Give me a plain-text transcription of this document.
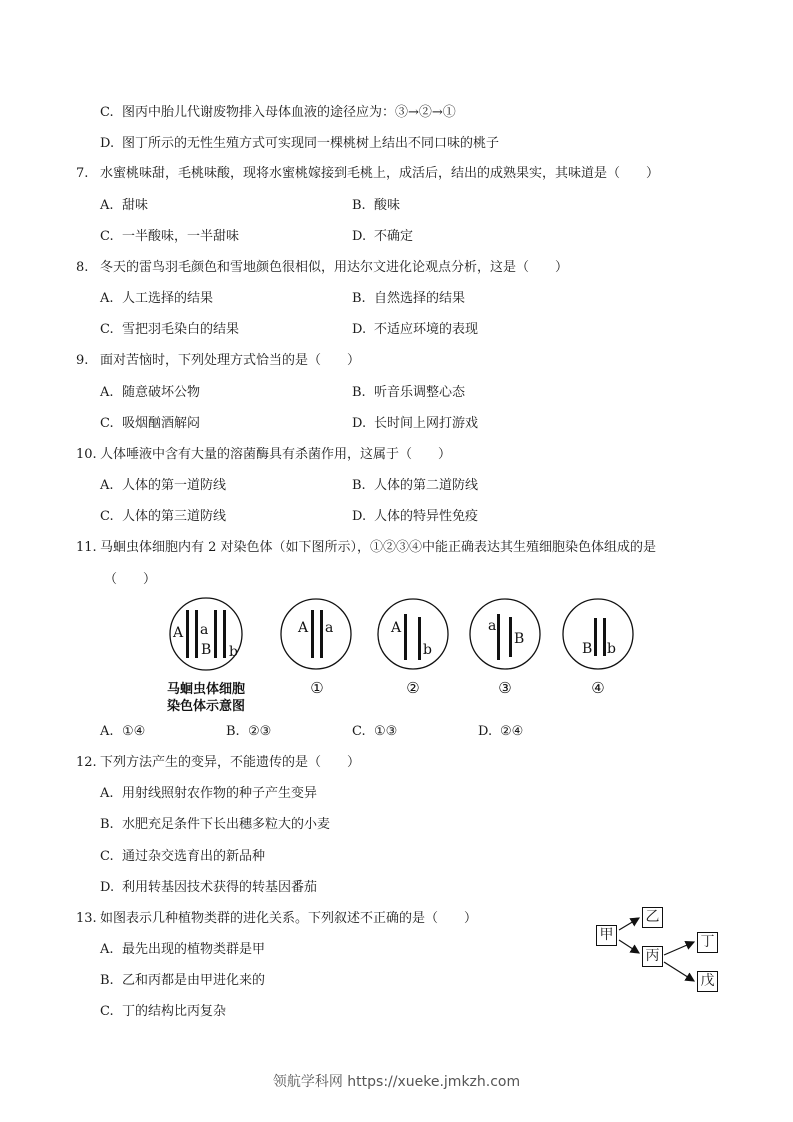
C. 图丙中胎儿代谢废物排入母体血液的途径应为：③→②→①
D. 图丁所示的无性生殖方式可实现同一棵桃树上结出不同口味的桃子
7. 水蜜桃味甜，毛桃味酸，现将水蜜桃嫁接到毛桃上，成活后，结出的成熟果实，其味道是（　　）
A. 甜味	B. 酸味
C. 一半酸味，一半甜味	D. 不确定
8. 冬天的雷鸟羽毛颜色和雪地颜色很相似，用达尔文进化论观点分析，这是（　　）
A. 人工选择的结果	B. 自然选择的结果
C. 雪把羽毛染白的结果	D. 不适应环境的表现
9. 面对苦恼时，下列处理方式恰当的是（　　）
A. 随意破坏公物	B. 听音乐调整心态
C. 吸烟酗酒解闷	D. 长时间上网打游戏
10. 人体唾液中含有大量的溶菌酶具有杀菌作用，这属于（　　）
A. 人体的第一道防线	B. 人体的第二道防线
C. 人体的第三道防线	D. 人体的特异性免疫
11. 马蛔虫体细胞内有 2 对染色体（如下图所示），①②③④中能正确表达其生殖细胞染色体组成的是
（　　）
A a
B b
A a	A
b
a
B
B b
①	②	③	④
马蛔虫体细胞
染色体示意图
A. ①④	B. ②③	C. ①③	D. ②④
12. 下列方法产生的变异，不能遗传的是（　　）
A. 用射线照射农作物的种子产生变异
B. 水肥充足条件下长出穗多粒大的小麦
C. 通过杂交选育出的新品种
D. 利用转基因技术获得的转基因番茄
13. 如图表示几种植物类群的进化关系。下列叙述不正确的是（　　）
A. 最先出现的植物类群是甲
B. 乙和丙都是由甲进化来的
C. 丁的结构比丙复杂
甲
乙
丙
丁
戊
领航学科网 https://xueke.jmkzh.com
